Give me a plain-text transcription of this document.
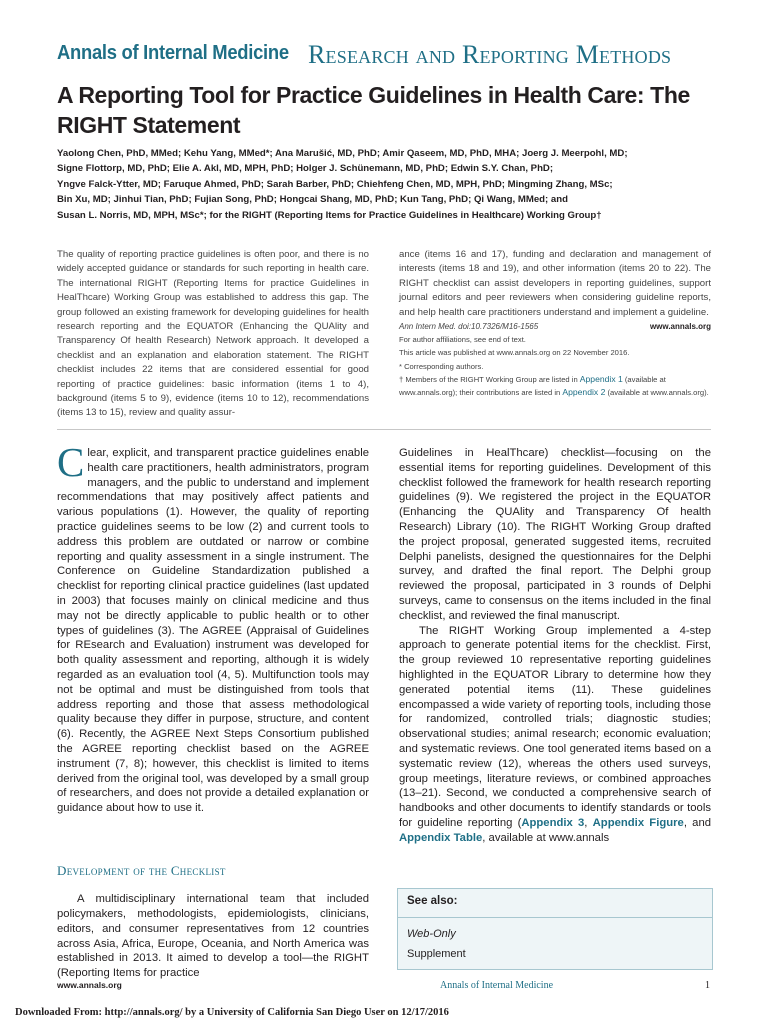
Annals of Internal Medicine Research and Reporting Methods
A Reporting Tool for Practice Guidelines in Health Care: The RIGHT Statement
Yaolong Chen, PhD, MMed; Kehu Yang, MMed*; Ana Marušić, MD, PhD; Amir Qaseem, MD, PhD, MHA; Joerg J. Meerpohl, MD;
Signe Flottorp, MD, PhD; Elie A. Akl, MD, MPH, PhD; Holger J. Schünemann, MD, PhD; Edwin S.Y. Chan, PhD;
Yngve Falck-Ytter, MD; Faruque Ahmed, PhD; Sarah Barber, PhD; Chiehfeng Chen, MD, MPH, PhD; Mingming Zhang, MSc;
Bin Xu, MD; Jinhui Tian, PhD; Fujian Song, PhD; Hongcai Shang, MD, PhD; Kun Tang, PhD; Qi Wang, MMed; and
Susan L. Norris, MD, MPH, MSc*; for the RIGHT (Reporting Items for Practice Guidelines in Healthcare) Working Group†
The quality of reporting practice guidelines is often poor, and there is no widely accepted guidance or standards for such reporting in health care. The international RIGHT (Reporting Items for practice Guidelines in HealThcare) Working Group was established to address this gap. The group followed an existing framework for developing guidelines for health research reporting and the EQUATOR (Enhancing the QUAlity and Transparency Of health Research) Network approach. It developed a checklist and an explanation and elaboration statement. The RIGHT checklist includes 22 items that are considered essential for good reporting of practice guidelines: basic information (items 1 to 4), background (items 5 to 9), evidence (items 10 to 12), recommendations (items 13 to 15), review and quality assur-
ance (items 16 and 17), funding and declaration and management of interests (items 18 and 19), and other information (items 20 to 22). The RIGHT checklist can assist developers in reporting guidelines, support journal editors and peer reviewers when considering guideline reports, and help health care practitioners understand and implement a guideline.
Ann Intern Med. doi:10.7326/M16-1565	www.annals.org
For author affiliations, see end of text.
This article was published at www.annals.org on 22 November 2016.
* Corresponding authors.
† Members of the RIGHT Working Group are listed in Appendix 1 (available at www.annals.org); their contributions are listed in Appendix 2 (available at www.annals.org).

Clear, explicit, and transparent practice guidelines enable health care practitioners, health administrators, program managers, and the public to understand and implement recommendations that may positively affect patients and various populations (1). However, the quality of reporting practice guidelines seems to be low (2) and current tools to address this problem are outdated or narrow or combine reporting and quality assessment in a single instrument. The Conference on Guideline Standardization published a checklist for reporting clinical practice guidelines (last updated in 2003) that focuses mainly on clinical medicine and thus may not be directly applicable to public health or to other types of guidelines (3). The AGREE (Appraisal of Guidelines for REsearch and Evaluation) instrument was developed for both quality assessment and reporting, although it is widely regarded as an evaluation tool (4, 5). Multifunction tools may not be optimal and must be distinguished from tools that address reporting and those that assess methodological quality because they differ in purpose, structure, and content (6). Recently, the AGREE Next Steps Consortium published the AGREE reporting checklist based on the AGREE instrument (7, 8); however, this checklist is limited to items derived from the original tool, was developed by a small group of researchers, and does not provide a detailed explanation or guidance about how to use it.

Development of the Checklist

A multidisciplinary international team that included policymakers, methodologists, epidemiologists, clinicians, editors, and consumer representatives from 12 countries across Asia, Africa, Europe, Oceania, and North America was established in 2013. It aimed to develop a tool—the RIGHT (Reporting Items for practice

Guidelines in HealThcare) checklist—focusing on the essential items for reporting guidelines. Development of this checklist followed the framework for health research reporting guidelines (9). We registered the project in the EQUATOR (Enhancing the QUAlity and Transparency Of health Research) Library (10). The RIGHT Working Group drafted the project proposal, generated suggested items, recruited Delphi panelists, designed the questionnaires for the Delphi survey, and drafted the final report. The Delphi group reviewed the proposal, participated in 3 rounds of Delphi surveys, came to consensus on the items included in the final checklist, and reviewed the final manuscript.

The RIGHT Working Group implemented a 4-step approach to generate potential items for the checklist. First, the group reviewed 10 representative reporting guidelines highlighted in the EQUATOR Library to determine how they generated potential items (11). These guidelines encompassed a wide variety of reporting tools, including those for randomized, controlled trials; diagnostic studies; observational studies; animal research; economic evaluation; and systematic reviews. One tool generated items based on a systematic review (12), whereas the others used surveys, group meetings, literature reviews, or combined approaches (13–21). Second, we conducted a comprehensive search of handbooks and other documents to identify standards or tools for guideline reporting (Appendix 3, Appendix Figure, and Appendix Table, available at www.annals

See also:
Web-Only
Supplement
www.annals.org	Annals of Internal Medicine	1
Downloaded From: http://annals.org/ by a University of California San Diego User on 12/17/2016
